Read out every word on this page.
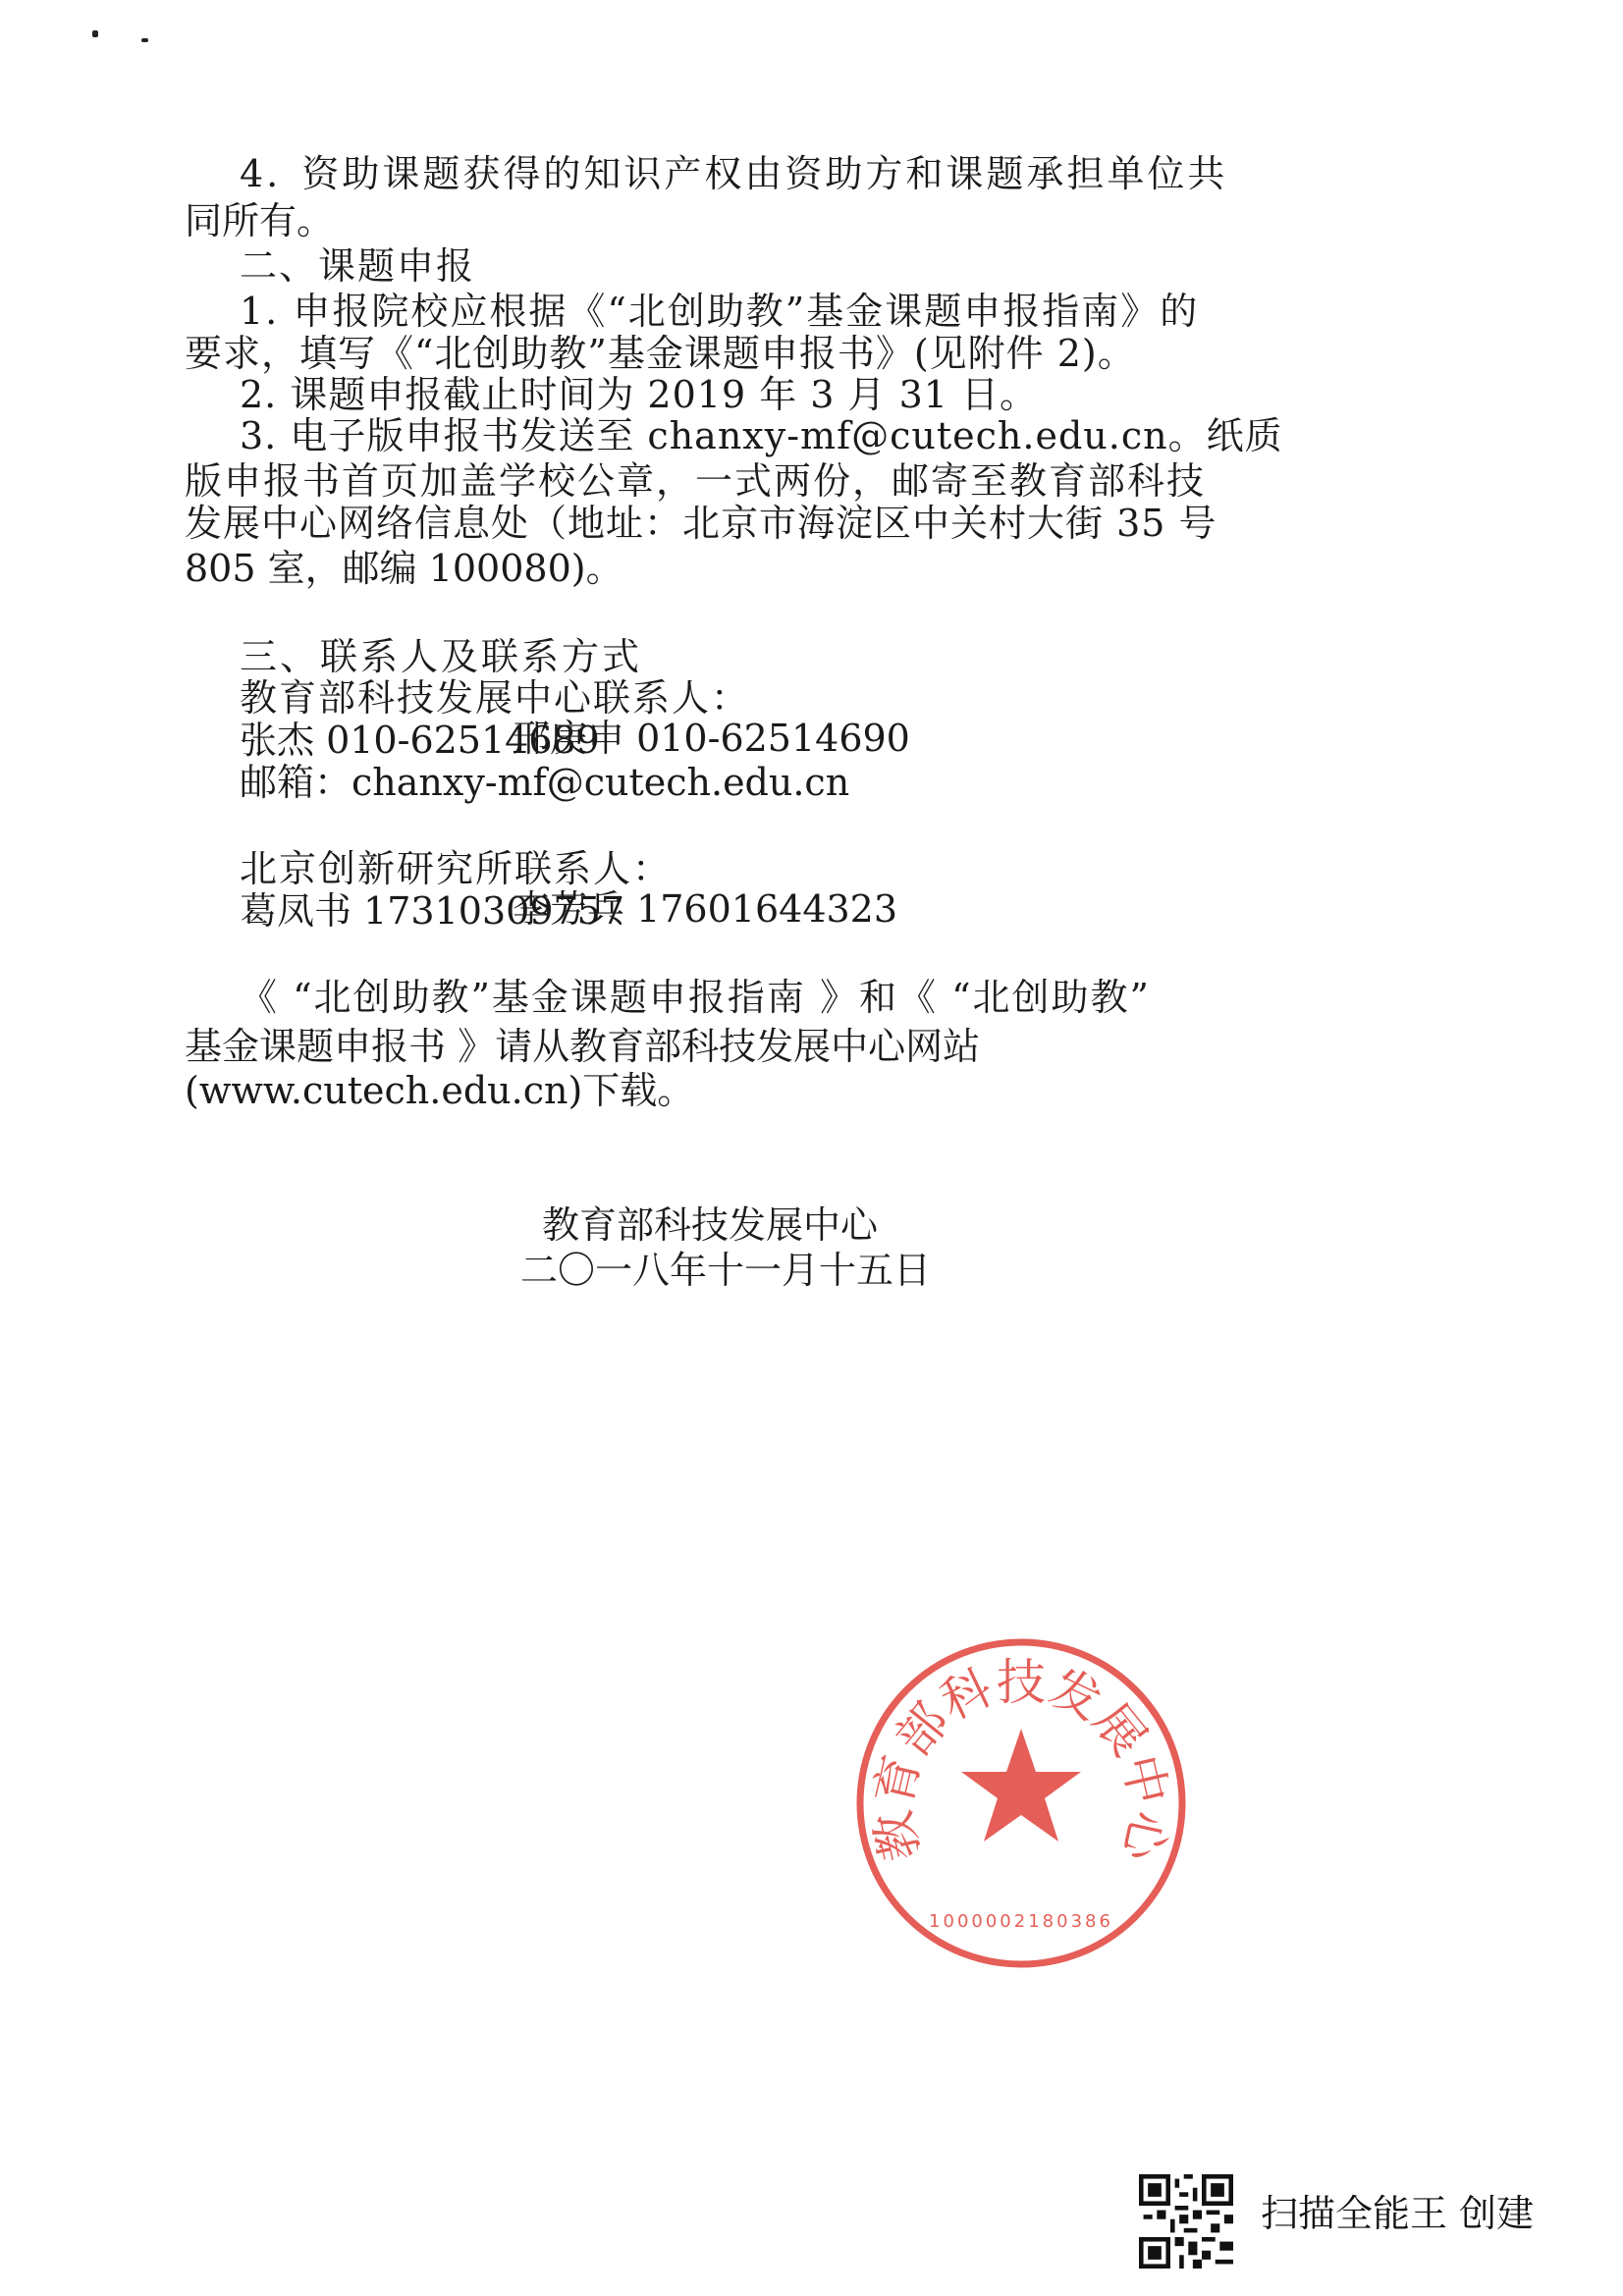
4. 资助课题获得的知识产权由资助方和课题承担单位共
同所有。
二、课题申报
1. 申报院校应根据《“北创助教”基金课题申报指南》的
要求，填写《“北创助教”基金课题申报书》(见附件 2)。
2. 课题申报截止时间为 2019 年 3 月 31 日。
3. 电子版申报书发送至 chanxy-mf@cutech.edu.cn。纸质
版申报书首页加盖学校公章，一式两份，邮寄至教育部科技
发展中心网络信息处（地址：北京市海淀区中关村大街 35 号
805 室，邮编 100080)。
三、联系人及联系方式
教育部科技发展中心联系人：
张杰 010-62514689
邢庚申 010-62514690
邮箱：chanxy-mf@cutech.edu.cn
北京创新研究所联系人：
葛凤书 17310309757
李芳兵 17601644323
《 “北创助教”基金课题申报指南 》和《 “北创助教”
基金课题申报书 》请从教育部科技发展中心网站
(www.cutech.edu.cn)下载。
教育部科技发展中心
1000002180386
教育部科技发展中心
二〇一八年十一月十五日
扫描全能王 创建
